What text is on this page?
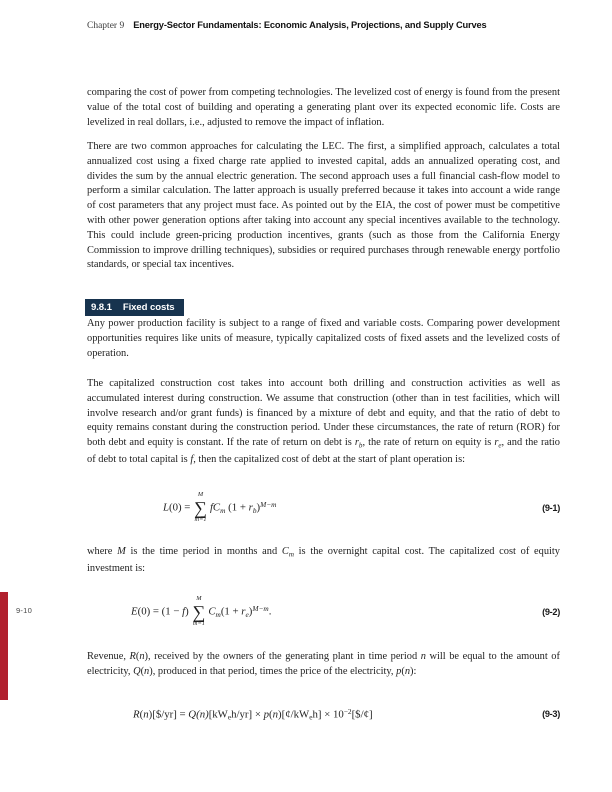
Chapter 9 Energy-Sector Fundamentals: Economic Analysis, Projections, and Supply Curves
comparing the cost of power from competing technologies. The levelized cost of energy is found from the present value of the total cost of building and operating a generating plant over its expected economic life. Costs are levelized in real dollars, i.e., adjusted to remove the impact of inflation.
There are two common approaches for calculating the LEC. The first, a simplified approach, calculates a total annualized cost using a fixed charge rate applied to invested capital, adds an annualized operating cost, and divides the sum by the annual electric generation. The second approach uses a full financial cash-flow model to perform a similar calculation. The latter approach is usually preferred because it takes into account a wide range of cost parameters that any project must face. As pointed out by the EIA, the cost of power must be competitive with other power generation options after taking into account any special incentives available to the technology. This could include green-pricing production incentives, grants (such as those from the California Energy Commission to improve drilling techniques), subsidies or required purchases through renewable energy portfolio standards, or special tax incentives.
9.8.1 Fixed costs
Any power production facility is subject to a range of fixed and variable costs. Comparing power development opportunities requires like units of measure, typically capitalized costs of fixed assets and the levelized costs of operation.
The capitalized construction cost takes into account both drilling and construction activities as well as accumulated interest during construction. We assume that construction (other than in test facilities, which will involve research and/or grant funds) is financed by a mixture of debt and equity, and that the ratio of debt to equity remains constant during the construction period. Under these circumstances, the rate of return (ROR) for both debt and equity is constant. If the rate of return on debt is $r_b$, the rate of return on equity is $r_e$, and the ratio of debt to total capital is f, then the capitalized cost of debt at the start of plant operation is:
L(0) =
M
∑
m=1
$fC_m$ $(1 + r_b)^{M-m}$	(9-1)
where M is the time period in months and $C_m$ is the overnight capital cost. The capitalized cost of equity investment is:
E(0) = (1 − f)
M
∑
m=1
$C_m(1 + r_e)^{M-m}$.	(9-2)
Revenue, R(n), received by the owners of the generating plant in time period n will be equal to the amount of electricity, Q(n), produced in that period, times the price of the electricity, p(n):
R(n)[$/yr] = Q(n)[kWeh/yr] × p(n)[¢/kWeh] × $10^{-2}[\$/¢]$	(9-3)
9-10
